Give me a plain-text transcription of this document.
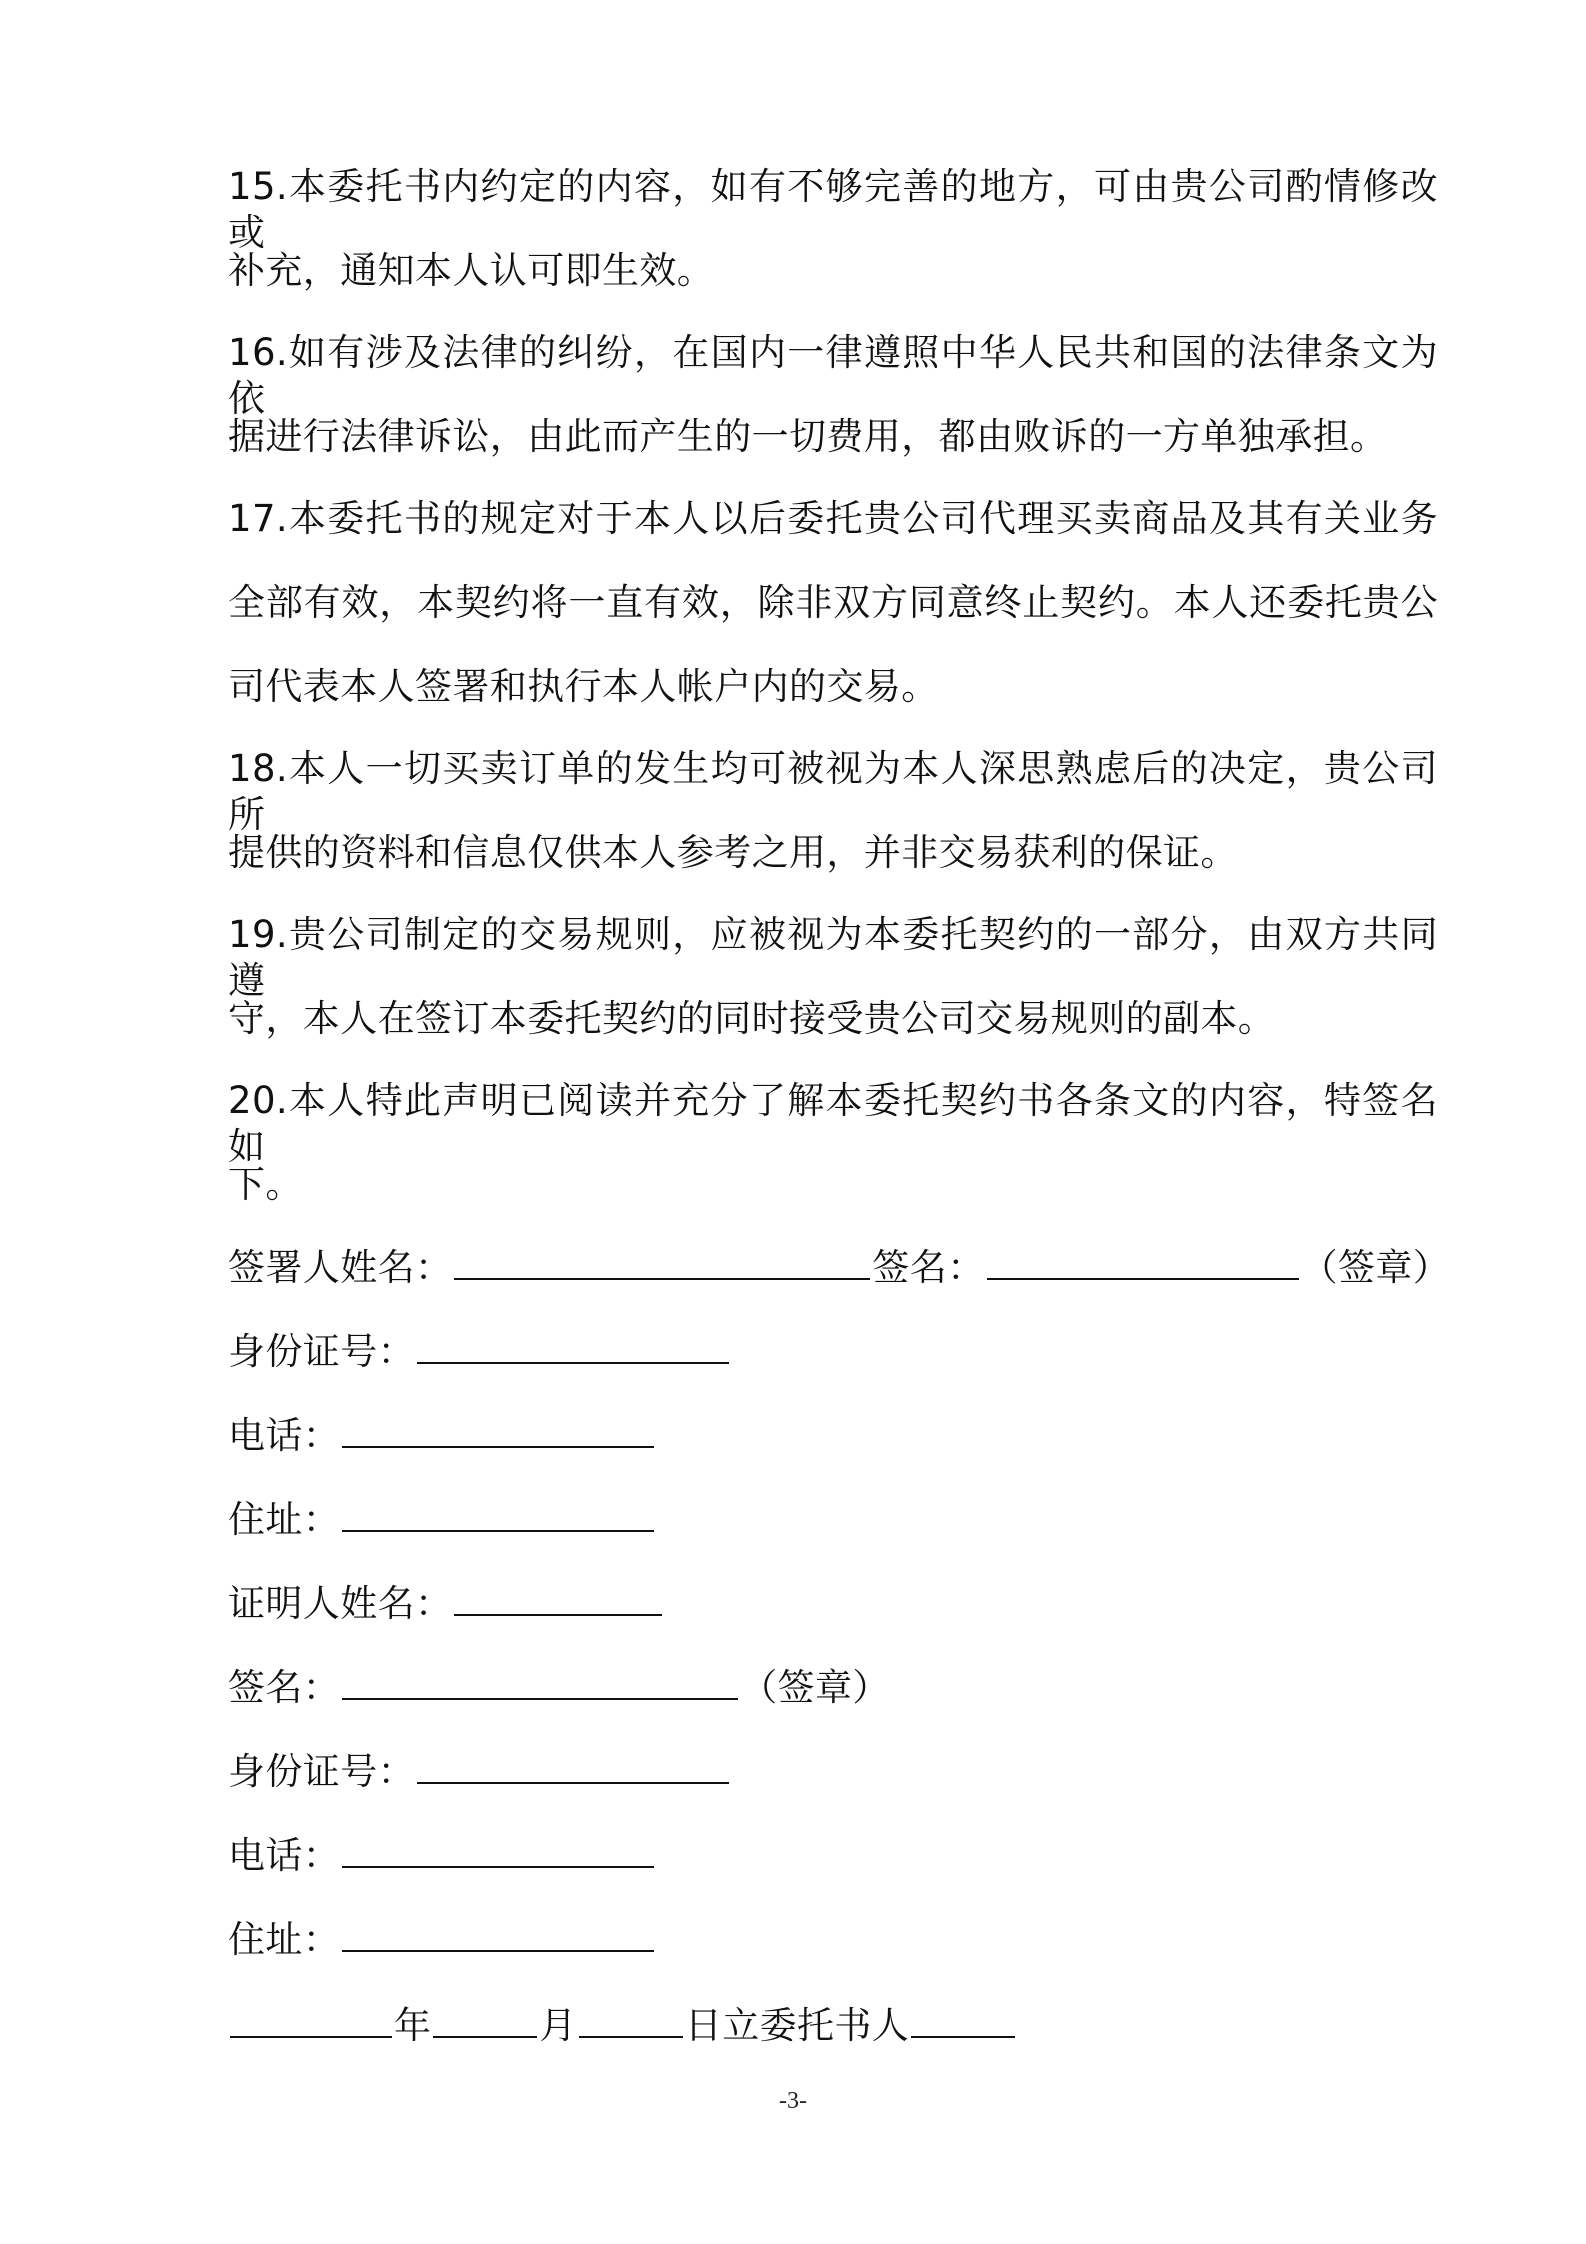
15.本委托书内约定的内容，如有不够完善的地方，可由贵公司酌情修改或
补充，通知本人认可即生效。
16.如有涉及法律的纠纷，在国内一律遵照中华人民共和国的法律条文为依
据进行法律诉讼，由此而产生的一切费用，都由败诉的一方单独承担。
17.本委托书的规定对于本人以后委托贵公司代理买卖商品及其有关业务
全部有效，本契约将一直有效，除非双方同意终止契约。本人还委托贵公
司代表本人签署和执行本人帐户内的交易。
18.本人一切买卖订单的发生均可被视为本人深思熟虑后的决定，贵公司所
提供的资料和信息仅供本人参考之用，并非交易获利的保证。
19.贵公司制定的交易规则，应被视为本委托契约的一部分，由双方共同遵
守，本人在签订本委托契约的同时接受贵公司交易规则的副本。
20.本人特此声明已阅读并充分了解本委托契约书各条文的内容，特签名如
下。
签署人姓名：	签名：	（签章）
身份证号：
电话：
住址：
证明人姓名：
签名：	（签章）
身份证号：
电话：
住址：
年	月	日立委托书人
-3-
